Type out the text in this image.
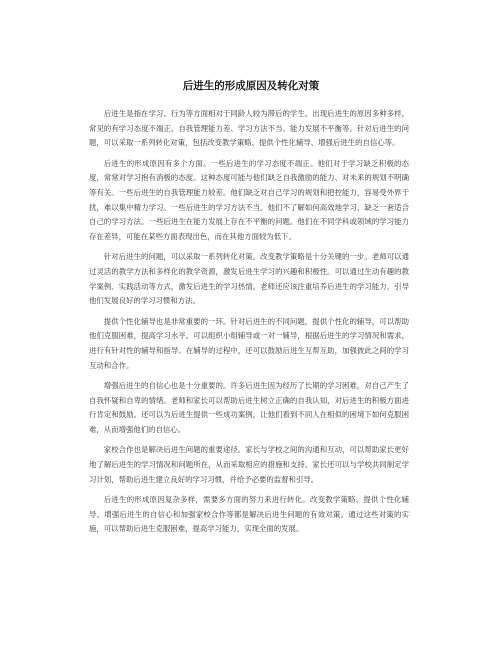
后进生的形成原因及转化对策

后进生是指在学习、行为等方面相对于同龄人较为滞后的学生。出现后进生的原因多种多样，常见的有学习态度不端正、自我管理能力差、学习方法不当、能力发展不平衡等。针对后进生的问题，可以采取一系列转化对策，包括改变教学策略、提供个性化辅导、增强后进生的自信心等。

后进生的形成原因有多个方面。一些后进生的学习态度不端正。他们对于学习缺乏积极的态度，常常对学习抱有消极的态度。这种态度可能与他们缺乏自我激励的能力、对未来的规划不明确等有关。一些后进生的自我管理能力较差。他们缺乏对自己学习的规划和把控能力，容易受外界干扰，难以集中精力学习。一些后进生的学习方法不当。他们不了解如何高效地学习，缺乏一套适合自己的学习方法。一些后进生在能力发展上存在不平衡的问题。他们在不同学科或领域的学习能力存在差异，可能在某些方面表现出色，而在其他方面较为低下。

针对后进生的问题，可以采取一系列转化对策。改变教学策略是十分关键的一步。老师可以通过灵活的教学方法和多样化的教学资源，激发后进生学习的兴趣和积极性。可以通过生动有趣的教学案例、实践活动等方式，激发后进生的学习热情。老师还应该注重培养后进生的学习能力，引导他们发展良好的学习习惯和方法。

提供个性化辅导也是非常重要的一环。针对后进生的不同问题，提供个性化的辅导，可以帮助他们克服困难，提高学习水平。可以组织小组辅导或一对一辅导，根据后进生的学习情况和需求，进行有针对性的辅导和指导。在辅导的过程中，还可以鼓励后进生互帮互助，加强彼此之间的学习互动和合作。

增强后进生的自信心也是十分重要的。许多后进生因为经历了长期的学习困难，对自己产生了自我怀疑和自卑的情绪。老师和家长可以帮助后进生树立正确的自我认知，对后进生的积极方面进行肯定和鼓励。还可以为后进生提供一些成功案例，让他们看到不同人在相似的困境下如何克服困难，从而增强他们的自信心。

家校合作也是解决后进生问题的重要途径。家长与学校之间的沟通和互动，可以帮助家长更好地了解后进生的学习情况和问题所在，从而采取相应的措施和支持。家长还可以与学校共同制定学习计划，帮助后进生建立良好的学习习惯，并给予必要的监督和引导。

后进生的形成原因复杂多样，需要多方面的努力来进行转化。改变教学策略、提供个性化辅导、增强后进生的自信心和加强家校合作等都是解决后进生问题的有效对策。通过这些对策的实施，可以帮助后进生克服困难，提高学习能力，实现全面的发展。
